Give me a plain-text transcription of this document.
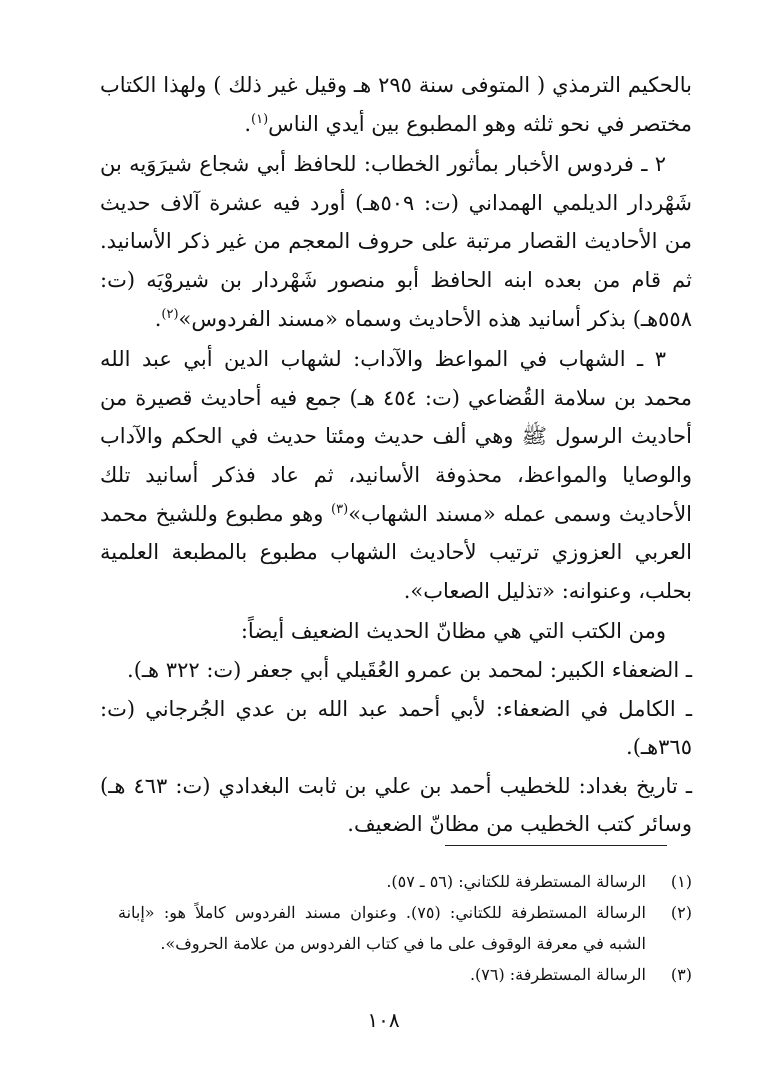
بالحكيم الترمذي ( المتوفى سنة ٢٩٥ هـ وقيل غير ذلك ) ولهذا الكتاب مختصر في نحو ثلثه وهو المطبوع بين أيدي الناس$^{(١)}$.

٢ ـ فردوس الأخبار بمأثور الخطاب: للحافظ أبي شجاع شيرَوَيه بن شَهْردار الديلمي الهمداني (ت: ٥٠٩هـ) أورد فيه عشرة آلاف حديث من الأحاديث القصار مرتبة على حروف المعجم من غير ذكر الأسانيد. ثم قام من بعده ابنه الحافظ أبو منصور شَهْردار بن شيروْيَه (ت: ٥٥٨هـ) بذكر أسانيد هذه الأحاديث وسماه «مسند الفردوس»$^{(٢)}$.

٣ ـ الشهاب في المواعظ والآداب: لشهاب الدين أبي عبد الله محمد بن سلامة القُضاعي (ت: ٤٥٤ هـ) جمع فيه أحاديث قصيرة من أحاديث الرسول ﷺ وهي ألف حديث ومئتا حديث في الحكم والآداب والوصايا والمواعظ، محذوفة الأسانيد، ثم عاد فذكر أسانيد تلك الأحاديث وسمى عمله «مسند الشهاب»$^{(٣)}$ وهو مطبوع وللشيخ محمد العربي العزوزي ترتيب لأحاديث الشهاب مطبوع بالمطبعة العلمية بحلب، وعنوانه: «تذليل الصعاب».

ومن الكتب التي هي مظانّ الحديث الضعيف أيضاً:

ـ الضعفاء الكبير: لمحمد بن عمرو العُقَيلي أبي جعفر (ت: ٣٢٢ هـ).

ـ الكامل في الضعفاء: لأبي أحمد عبد الله بن عدي الجُرجاني (ت: ٣٦٥هـ).

ـ تاريخ بغداد: للخطيب أحمد بن علي بن ثابت البغدادي (ت: ٤٦٣ هـ) وسائر كتب الخطيب من مظانّ الضعيف.

(١)
الرسالة المستطرفة للكتاني: (٥٦ ـ ٥٧).
(٢)
الرسالة المستطرفة للكتاني: (٧٥). وعنوان مسند الفردوس كاملاً هو: «إبانة الشبه في معرفة الوقوف على ما في كتاب الفردوس من علامة الحروف».
(٣)
الرسالة المستطرفة: (٧٦).
١٠٨
